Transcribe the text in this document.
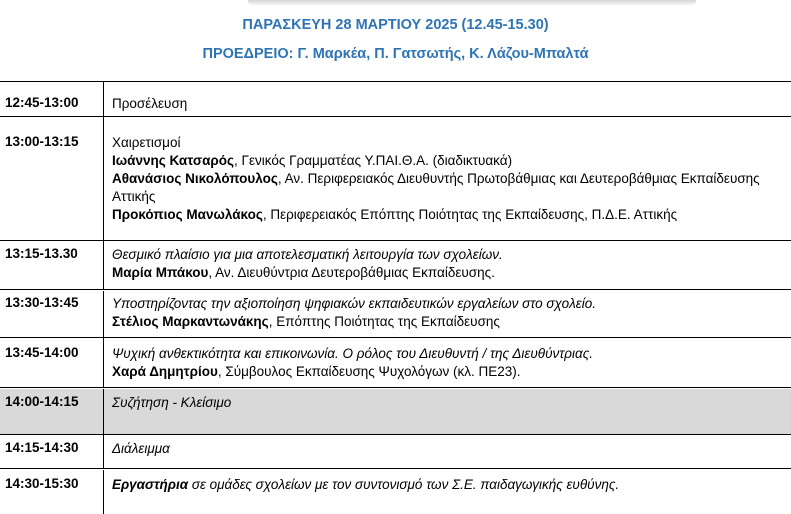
ΠΑΡΑΣΚΕΥΗ 28 ΜΑΡΤΙΟΥ 2025 (12.45-15.30)
ΠΡΟΕΔΡΕΙΟ: Γ. Μαρκέα, Π. Γατσωτής, Κ. Λάζου-Μπαλτά
12:45-13:00 Προσέλευση
13:00-13:15 Χαιρετισμοί
Ιωάννης Κατσαρός, Γενικός Γραμματέας Υ.ΠΑΙ.Θ.Α. (διαδικτυακά)
Αθανάσιος Νικολόπουλος, Αν. Περιφερειακός Διευθυντής Πρωτοβάθμιας και Δευτεροβάθμιας Εκπαίδευσης Αττικής
Προκόπιος Μανωλάκος, Περιφερειακός Επόπτης Ποιότητας της Εκπαίδευσης, Π.Δ.Ε. Αττικής
13:15-13.30	Θεσμικό πλαίσιο για μια αποτελεσματική λειτουργία των σχολείων.
Μαρία Μπάκου, Αν. Διευθύντρια Δευτεροβάθμιας Εκπαίδευσης.
13:30-13:45 Υποστηρίζοντας την αξιοποίηση ψηφιακών εκπαιδευτικών εργαλείων στο σχολείο.
Στέλιος Μαρκαντωνάκης, Επόπτης Ποιότητας της Εκπαίδευσης
13:45-14:00 Ψυχική ανθεκτικότητα και επικοινωνία. Ο ρόλος του Διευθυντή / της Διευθύντριας.
Χαρά Δημητρίου, Σύμβουλος Εκπαίδευσης Ψυχολόγων (κλ. ΠΕ23).
14:00-14:15 Συζήτηση - Κλείσιμο
14:15-14:30 Διάλειμμα
14:30-15:30 Εργαστήρια σε ομάδες σχολείων με τον συντονισμό των Σ.Ε. παιδαγωγικής ευθύνης.
